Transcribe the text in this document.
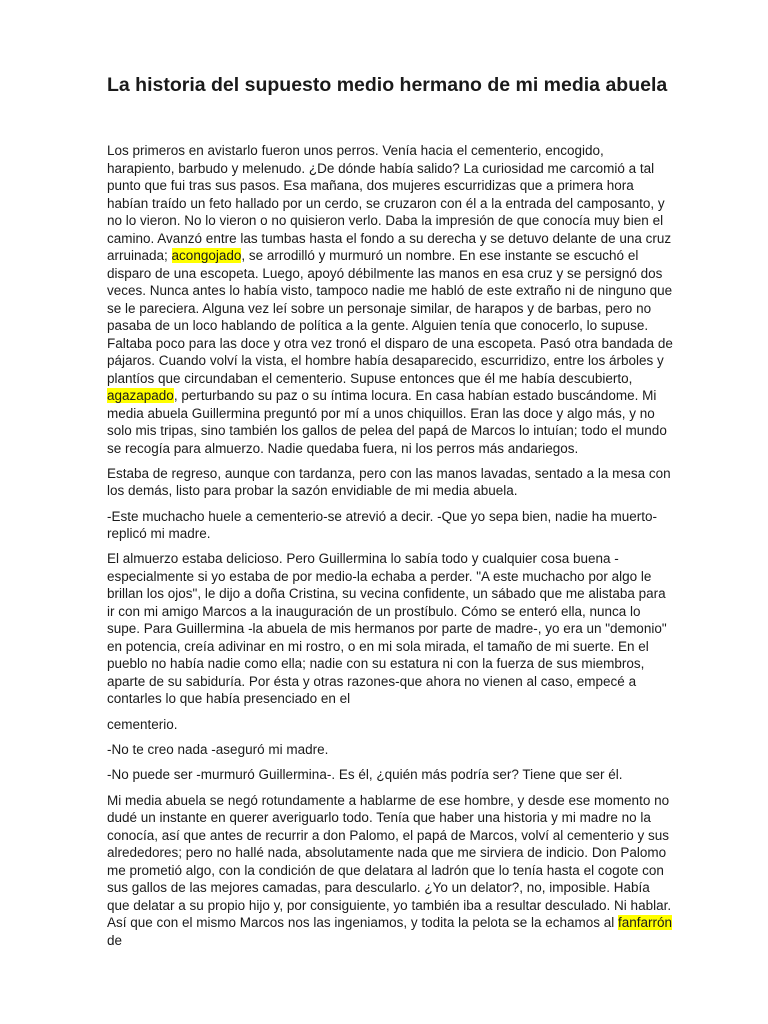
La historia del supuesto medio hermano de mi media abuela

Los primeros en avistarlo fueron unos perros. Venía hacia el cementerio, encogido, harapiento, barbudo y melenudo. ¿De dónde había salido? La curiosidad me carcomió a tal punto que fui tras sus pasos. Esa mañana, dos mujeres escurridizas que a primera hora habían traído un feto hallado por un cerdo, se cruzaron con él a la entrada del camposanto, y no lo vieron. No lo vieron o no quisieron verlo. Daba la impresión de que conocía muy bien el camino. Avanzó entre las tumbas hasta el fondo a su derecha y se detuvo delante de una cruz arruinada; acongojado, se arrodilló y murmuró un nombre. En ese instante se escuchó el disparo de una escopeta. Luego, apoyó débilmente las manos en esa cruz y se persignó dos veces. Nunca antes lo había visto, tampoco nadie me habló de este extraño ni de ninguno que se le pareciera. Alguna vez leí sobre un personaje similar, de harapos y de barbas, pero no pasaba de un loco hablando de política a la gente. Alguien tenía que conocerlo, lo supuse. Faltaba poco para las doce y otra vez tronó el disparo de una escopeta. Pasó otra bandada de pájaros. Cuando volví la vista, el hombre había desaparecido, escurridizo, entre los árboles y plantíos que circundaban el cementerio. Supuse entonces que él me había descubierto, agazapado, perturbando su paz o su íntima locura. En casa habían estado buscándome. Mi media abuela Guillermina preguntó por mí a unos chiquillos. Eran las doce y algo más, y no solo mis tripas, sino también los gallos de pelea del papá de Marcos lo intuían; todo el mundo se recogía para almuerzo. Nadie quedaba fuera, ni los perros más andariegos.

Estaba de regreso, aunque con tardanza, pero con las manos lavadas, sentado a la mesa con los demás, listo para probar la sazón envidiable de mi media abuela.

-Este muchacho huele a cementerio-se atrevió a decir. -Que yo sepa bien, nadie ha muerto-replicó mi madre.

El almuerzo estaba delicioso. Pero Guillermina lo sabía todo y cualquier cosa buena -especialmente si yo estaba de por medio-la echaba a perder. "A este muchacho por algo le brillan los ojos", le dijo a doña Cristina, su vecina confidente, un sábado que me alistaba para ir con mi amigo Marcos a la inauguración de un prostíbulo. Cómo se enteró ella, nunca lo supe. Para Guillermina -la abuela de mis hermanos por parte de madre-, yo era un "demonio" en potencia, creía adivinar en mi rostro, o en mi sola mirada, el tamaño de mi suerte. En el pueblo no había nadie como ella; nadie con su estatura ni con la fuerza de sus miembros, aparte de su sabiduría. Por ésta y otras razones-que ahora no vienen al caso, empecé a contarles lo que había presenciado en el

cementerio.

-No te creo nada -aseguró mi madre.

-No puede ser -murmuró Guillermina-. Es él, ¿quién más podría ser? Tiene que ser él.

Mi media abuela se negó rotundamente a hablarme de ese hombre, y desde ese momento no dudé un instante en querer averiguarlo todo. Tenía que haber una historia y mi madre no la conocía, así que antes de recurrir a don Palomo, el papá de Marcos, volví al cementerio y sus alrededores; pero no hallé nada, absolutamente nada que me sirviera de indicio. Don Palomo me prometió algo, con la condición de que delatara al ladrón que lo tenía hasta el cogote con sus gallos de las mejores camadas, para descularlo. ¿Yo un delator?, no, imposible. Había que delatar a su propio hijo y, por consiguiente, yo también iba a resultar desculado. Ni hablar. Así que con el mismo Marcos nos las ingeniamos, y todita la pelota se la echamos al fanfarrón de
